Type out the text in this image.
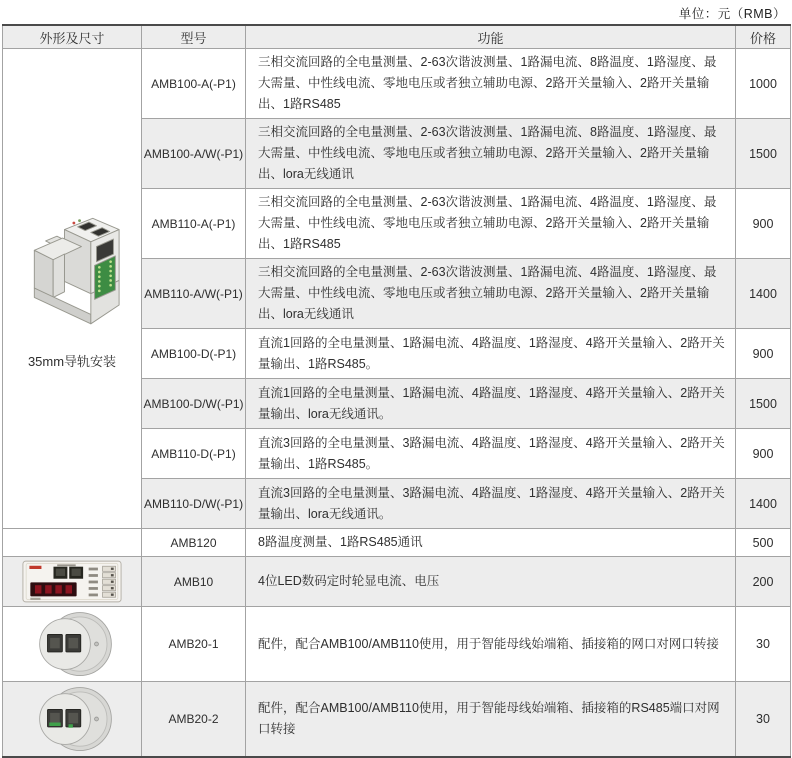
单位：元（RMB）
外形及尺寸	型号	功能	价格

35mm导轨安装	AMB100-A(-P1)	三相交流回路的全电量测量、2-63次谐波测量、1路漏电流、8路温度、1路湿度、最大需量、中性线电流、零地电压或者独立辅助电源、2路开关量输入、2路开关量输出、1路RS485	1000
	AMB100-A/W(-P1)	三相交流回路的全电量测量、2-63次谐波测量、1路漏电流、8路温度、1路湿度、最大需量、中性线电流、零地电压或者独立辅助电源、2路开关量输入、2路开关量输出、lora无线通讯	1500
	AMB110-A(-P1)	三相交流回路的全电量测量、2-63次谐波测量、1路漏电流、4路温度、1路湿度、最大需量、中性线电流、零地电压或者独立辅助电源、2路开关量输入、2路开关量输出、1路RS485	900
	AMB110-A/W(-P1)	三相交流回路的全电量测量、2-63次谐波测量、1路漏电流、4路温度、1路湿度、最大需量、中性线电流、零地电压或者独立辅助电源、2路开关量输入、2路开关量输出、lora无线通讯	1400
	AMB100-D(-P1)	直流1回路的全电量测量、1路漏电流、4路温度、1路湿度、4路开关量输入、2路开关量输出、1路RS485。	900
	AMB100-D/W(-P1)	直流1回路的全电量测量、1路漏电流、4路温度、1路湿度、4路开关量输入、2路开关量输出、lora无线通讯。	1500
	AMB110-D(-P1)	直流3回路的全电量测量、3路漏电流、4路温度、1路湿度、4路开关量输入、2路开关量输出、1路RS485。	900
	AMB110-D/W(-P1)	直流3回路的全电量测量、3路漏电流、4路温度、1路湿度、4路开关量输入、2路开关量输出、lora无线通讯。	1400
	AMB120	8路温度测量、1路RS485通讯	500

	AMB10	4位LED数码定时轮显电流、电压	200

	AMB20-1	配件，配合AMB100/AMB110使用，用于智能母线始端箱、插接箱的网口对网口转接	30

	AMB20-2	配件，配合AMB100/AMB110使用，用于智能母线始端箱、插接箱的RS485端口对网口转接	30
